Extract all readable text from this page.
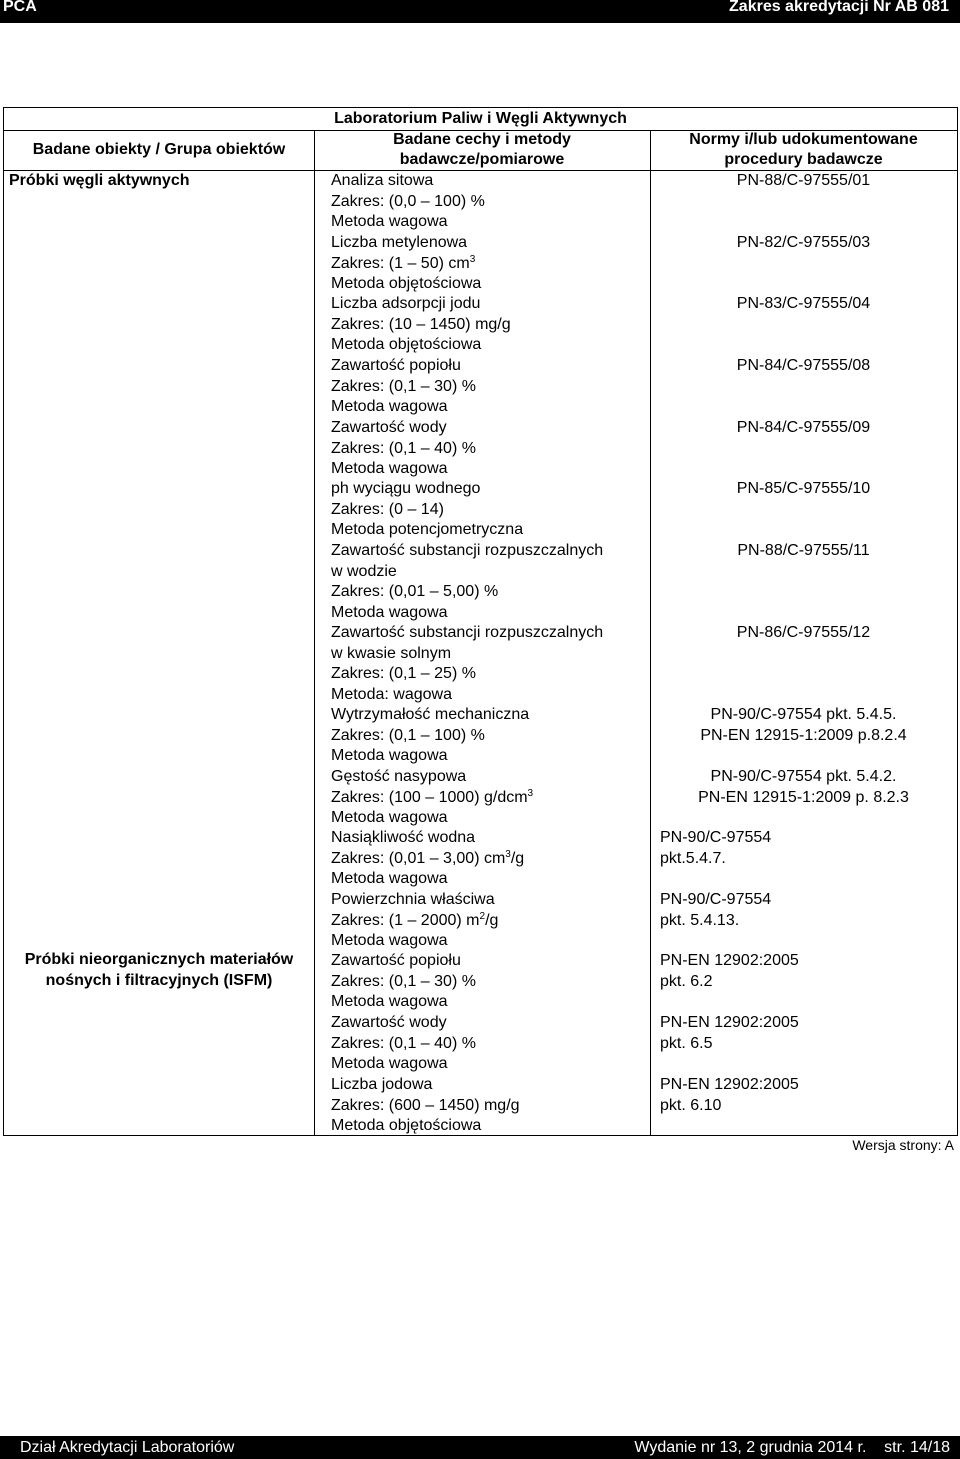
PCA	Zakres akredytacji Nr AB 081
Laboratorium Paliw i Węgli Aktywnych
Badane obiekty / Grupa obiektów
Badane cechy i metody
badawcze/pomiarowe
Normy i/lub udokumentowane
procedury badawcze
Próbki węgli aktywnych
Próbki nieorganicznych materiałów
nośnych i filtracyjnych (ISFM)
Analiza sitowa
Zakres: (0,0 – 100) %
Metoda wagowa
PN-88/C-97555/01
Liczba metylenowa
Zakres: (1 – 50) $cm^3$
Metoda objętościowa
PN-82/C-97555/03
Liczba adsorpcji jodu
Zakres: (10 – 1450) mg/g
Metoda objętościowa
PN-83/C-97555/04
Zawartość popiołu
Zakres: (0,1 – 30) %
Metoda wagowa
PN-84/C-97555/08
Zawartość wody
Zakres: (0,1 – 40) %
Metoda wagowa
PN-84/C-97555/09
ph wyciągu wodnego
Zakres: (0 – 14)
Metoda potencjometryczna
PN-85/C-97555/10
Zawartość substancji rozpuszczalnych
w wodzie
Zakres: (0,01 – 5,00) %
Metoda wagowa
PN-88/C-97555/11
Zawartość substancji rozpuszczalnych
w kwasie solnym
Zakres: (0,1 – 25) %
Metoda: wagowa
PN-86/C-97555/12
Wytrzymałość mechaniczna
Zakres: (0,1 – 100) %
Metoda wagowa
PN-90/C-97554 pkt. 5.4.5.
PN-EN 12915-1:2009 p.8.2.4
Gęstość nasypowa
Zakres: (100 – 1000) g/dcm$^3$
Metoda wagowa
PN-90/C-97554 pkt. 5.4.2.
PN-EN 12915-1:2009 p. 8.2.3
Nasiąkliwość wodna
Zakres: (0,01 – 3,00) $cm^3/g$
Metoda wagowa
PN-90/C-97554
pkt.5.4.7.
Powierzchnia właściwa
Zakres: (1 – 2000) $m^2/g$
Metoda wagowa
PN-90/C-97554
pkt. 5.4.13.
Zawartość popiołu
Zakres: (0,1 – 30) %
Metoda wagowa
PN-EN 12902:2005
pkt. 6.2
Zawartość wody
Zakres: (0,1 – 40) %
Metoda wagowa
PN-EN 12902:2005
pkt. 6.5
Liczba jodowa
Zakres: (600 – 1450) mg/g
Metoda objętościowa
PN-EN 12902:2005
pkt. 6.10
Wersja strony: A
Dział Akredytacji Laboratoriów	Wydanie nr 13, 2 grudnia 2014 r.    str. 14/18
